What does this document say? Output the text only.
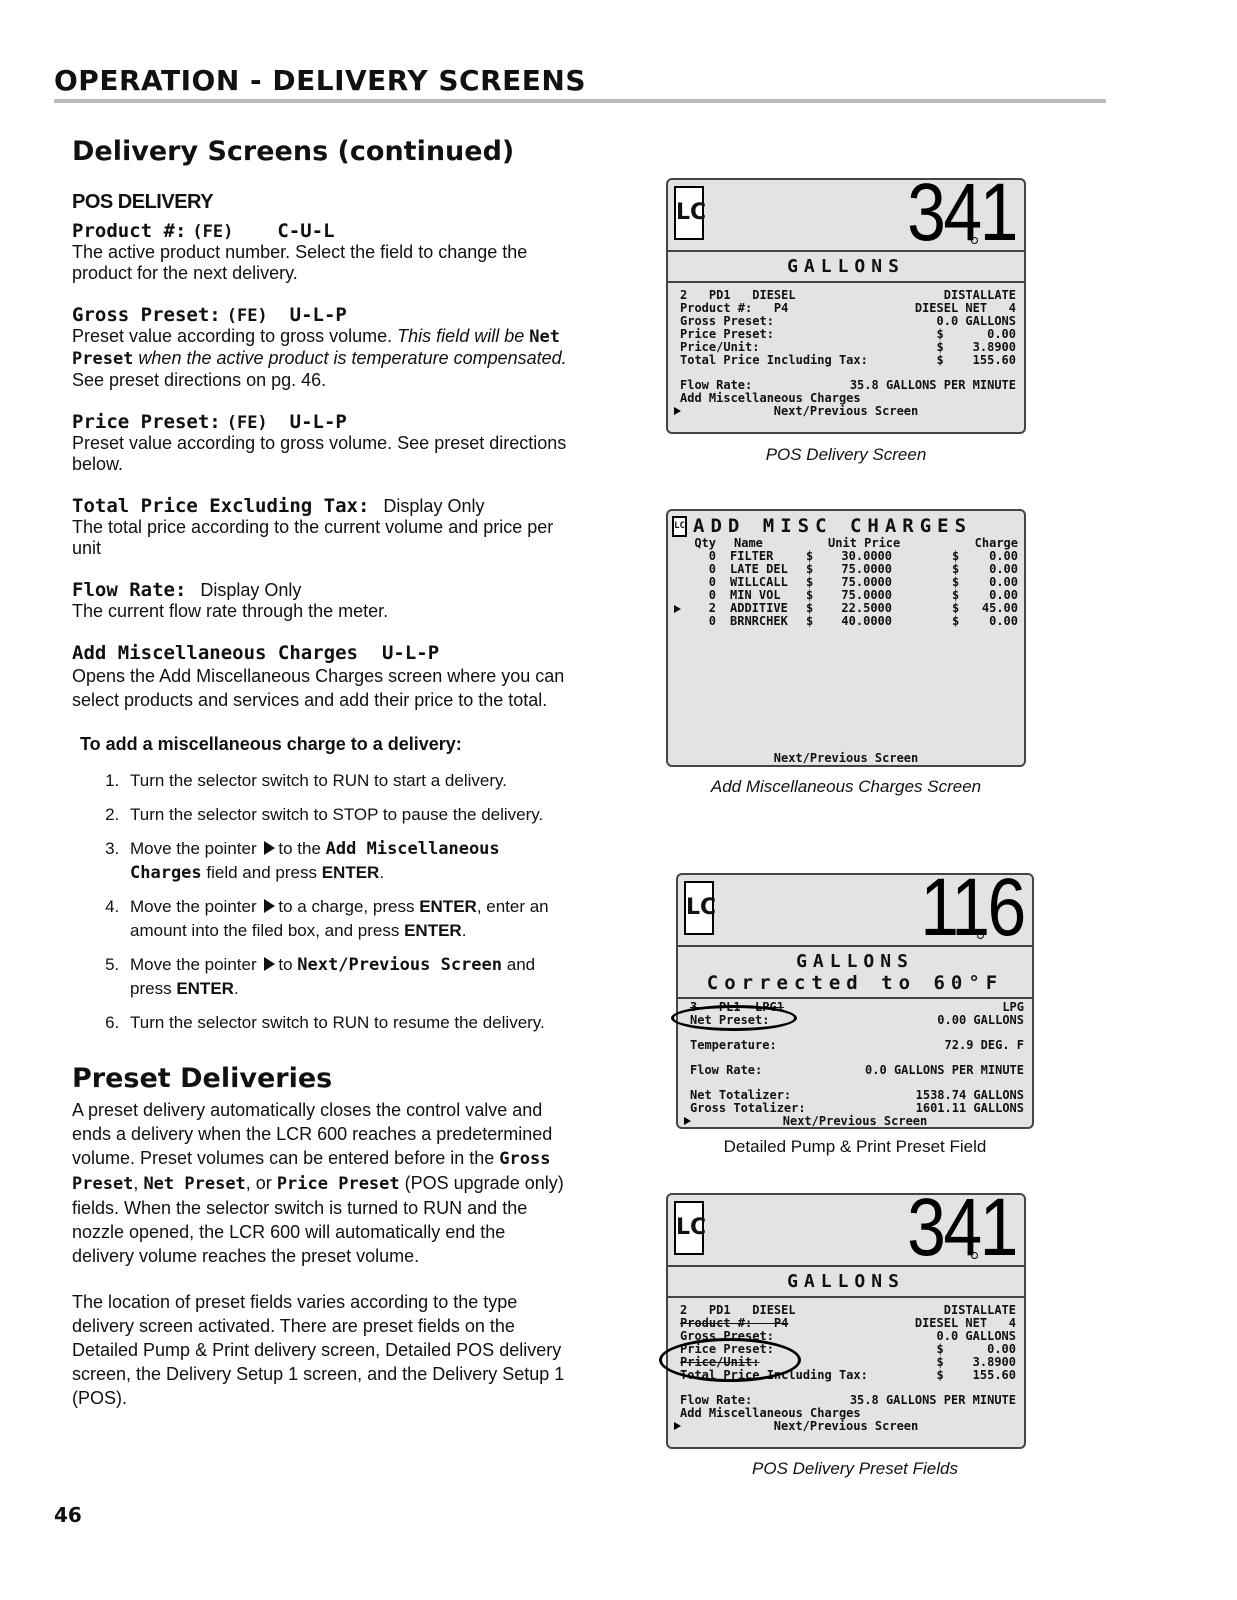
OPERATION - DELIVERY SCREENS
Delivery Screens (continued)
POS DELIVERY
Product #: (FE) C-U-L
The active product number. Select the field to change the product for the next delivery.
Gross Preset: (FE) U-L-P
Preset value according to gross volume. This field will be Net Preset when the active product is temperature compensated. See preset directions on pg. 46.
Price Preset: (FE) U-L-P
Preset value according to gross volume. See preset directions below.
Total Price Excluding Tax: Display Only
The total price according to the current volume and price per unit
Flow Rate: Display Only
The current flow rate through the meter.
Add Miscellaneous Charges U-L-P
Opens the Add Miscellaneous Charges screen where you can select products and services and add their price to the total.
To add a miscellaneous charge to a delivery:
1. Turn the selector switch to RUN to start a delivery.
2. Turn the selector switch to STOP to pause the delivery.
3. Move the pointer to the Add Miscellaneous Charges field and press ENTER.
4. Move the pointer to a charge, press ENTER, enter an amount into the filed box, and press ENTER.
5. Move the pointer to Next/Previous Screen and press ENTER.
6. Turn the selector switch to RUN to resume the delivery.
Preset Deliveries

A preset delivery automatically closes the control valve and ends a delivery when the LCR 600 reaches a predetermined volume. Preset volumes can be entered before in the Gross Preset, Net Preset, or Price Preset (POS upgrade only) fields. When the selector switch is turned to RUN and the nozzle opened, the LCR 600 will automatically end the delivery volume reaches the preset volume.

The location of preset fields varies according to the type delivery screen activated. There are preset fields on the Detailed Pump & Print delivery screen, Detailed POS delivery screen, the Delivery Setup 1 screen, and the Delivery Setup 1 (POS).

46
LC 341
GALLONS
2   PD1   DIESEL	DISTALLATE
Product #:   P4	DIESEL NET   4
Gross Preset:	0.0 GALLONS
Price Preset:	$      0.00
Price/Unit:	$    3.8900
Total Price Including Tax:	$    155.60
Flow Rate:	35.8 GALLONS PER MINUTE
Add Miscellaneous Charges
Next/Previous Screen
POS Delivery Screen
LC ADD MISC CHARGES
Qty	Name	Unit Price	Charge
0	FILTER	$	30.0000	$	0.00
0	LATE DEL	$	75.0000	$	0.00
0	WILLCALL	$	75.0000	$	0.00
0	MIN VOL	$	75.0000	$	0.00
2	ADDITIVE	$	22.5000	$	45.00
0	BRNRCHEK	$	40.0000	$	0.00
Next/Previous Screen
Add Miscellaneous Charges Screen
LC 116
GALLONS
Corrected to 60°F
3   PL1  LPG1	LPG
Net Preset:	0.00 GALLONS
Temperature:	72.9 DEG. F
Flow Rate:	0.0 GALLONS PER MINUTE
Net Totalizer:	1538.74 GALLONS
Gross Totalizer:	1601.11 GALLONS
Next/Previous Screen
Detailed Pump & Print Preset Field
LC 341
GALLONS
2   PD1   DIESEL	DISTALLATE
Product #:   P4	DIESEL NET   4
Gross Preset:	0.0 GALLONS
Price Preset:	$      0.00
Price/Unit:	$    3.8900
Total Price Including Tax:	$    155.60
Flow Rate:	35.8 GALLONS PER MINUTE
Add Miscellaneous Charges
Next/Previous Screen
POS Delivery Preset Fields
